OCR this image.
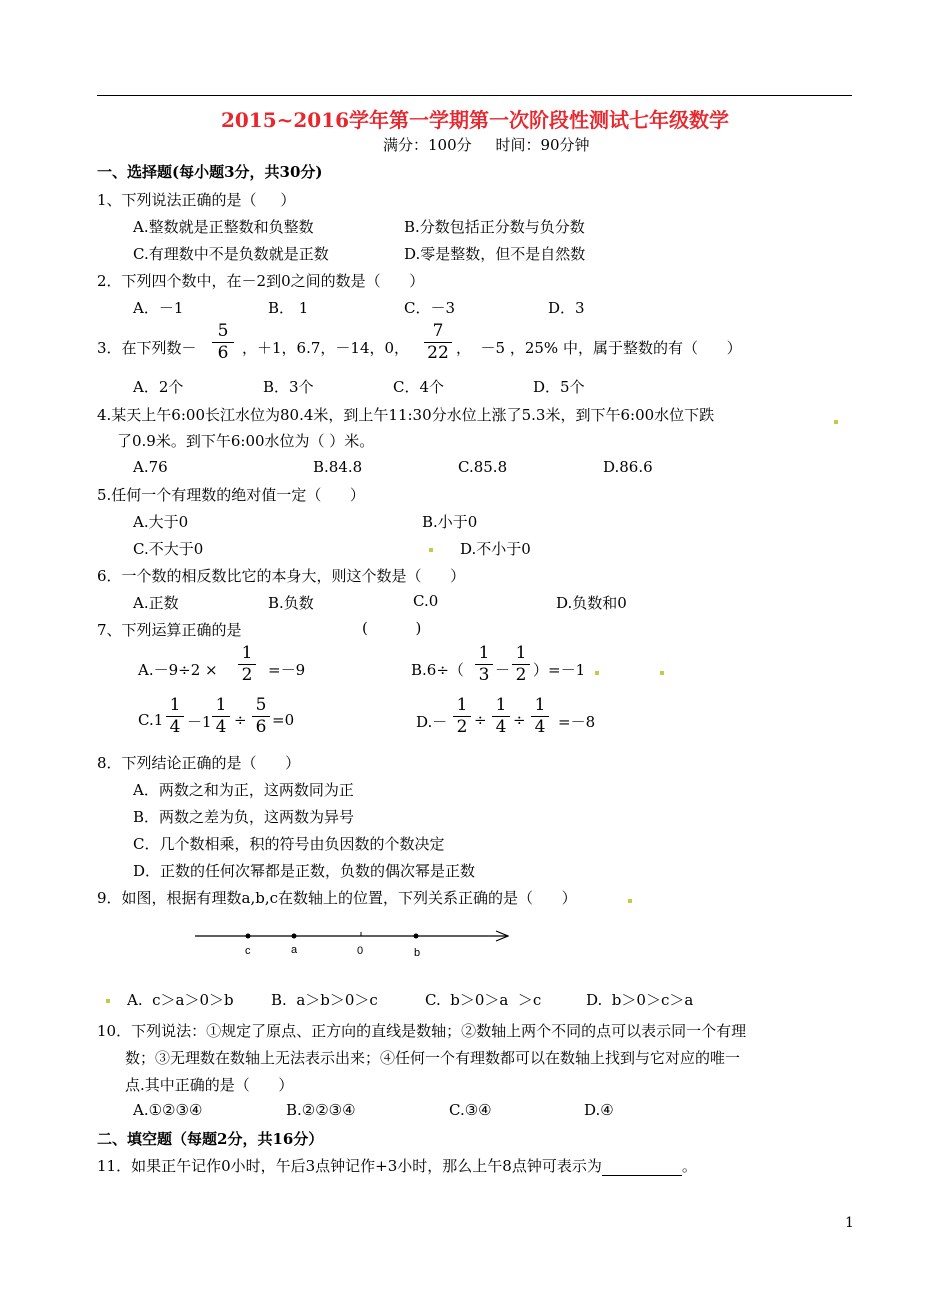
2015~2016学年第一学期第一次阶段性测试七年级数学
满分：100分     时间：90分钟
一、选择题(每小题3分，共30分)
1、下列说法正确的是（     ）
A.整数就是正整数和负整数	B.分数包括正分数与负分数
C.有理数中不是负数就是正数	D.零是整数，但不是自然数
2．下列四个数中，在－2到0之间的数是（      ）
A．－1	B． 1	C．－3	D．3
3．在下列数－
5
6 ，＋1，6.7，－14，0，
7
22 ，  －5 ，25% 中，属于整数的有（      ）
A．2个	B．3个	C．4个	D．5个
4.某天上午6:00长江水位为80.4米，到上午11:30分水位上涨了5.3米，到下午6:00水位下跌
了0.9米。到下午6:00水位为（ ）米。
A.76	B.84.8	C.85.8	D.86.6
5.任何一个有理数的绝对值一定（      ）
A.大于0	B.小于0
C.不大于0	D.不小于0
6．一个数的相反数比它的本身大，则这个数是（      ）
A.正数	B.负数	C.0	D.负数和0
7、下列运算正确的是	(          )
A.－9÷2 ×
1
2 =－9	B.6÷（
1
3 －
1
2 ）=－1
C.1
1
4 －1
1
4 ÷
5
6 =0	D.－
1
2 ÷
1
4 ÷
1
4 =－8
8．下列结论正确的是（      ）
A．两数之和为正，这两数同为正
B．两数之差为负，这两数为异号
C．几个数相乘，积的符号由负因数的个数决定
D．正数的任何次幂都是正数，负数的偶次幂是正数
9．如图，根据有理数a,b,c在数轴上的位置，下列关系正确的是（      ）
c	a	0	b
A.  c＞a＞0＞b B.  a＞b＞0＞c	C.  b＞0＞a  ＞c	D.  b＞0＞c＞a
10．下列说法：①规定了原点、正方向的直线是数轴；②数轴上两个不同的点可以表示同一个有理
数；③无理数在数轴上无法表示出来；④任何一个有理数都可以在数轴上找到与它对应的唯一
点.其中正确的是（      ）
A.①②③④	B.②②③④	C.③④	D.④
二、填空题（每题2分，共16分）
11．如果正午记作0小时，午后3点钟记作+3小时，那么上午8点钟可表示为	。
1
